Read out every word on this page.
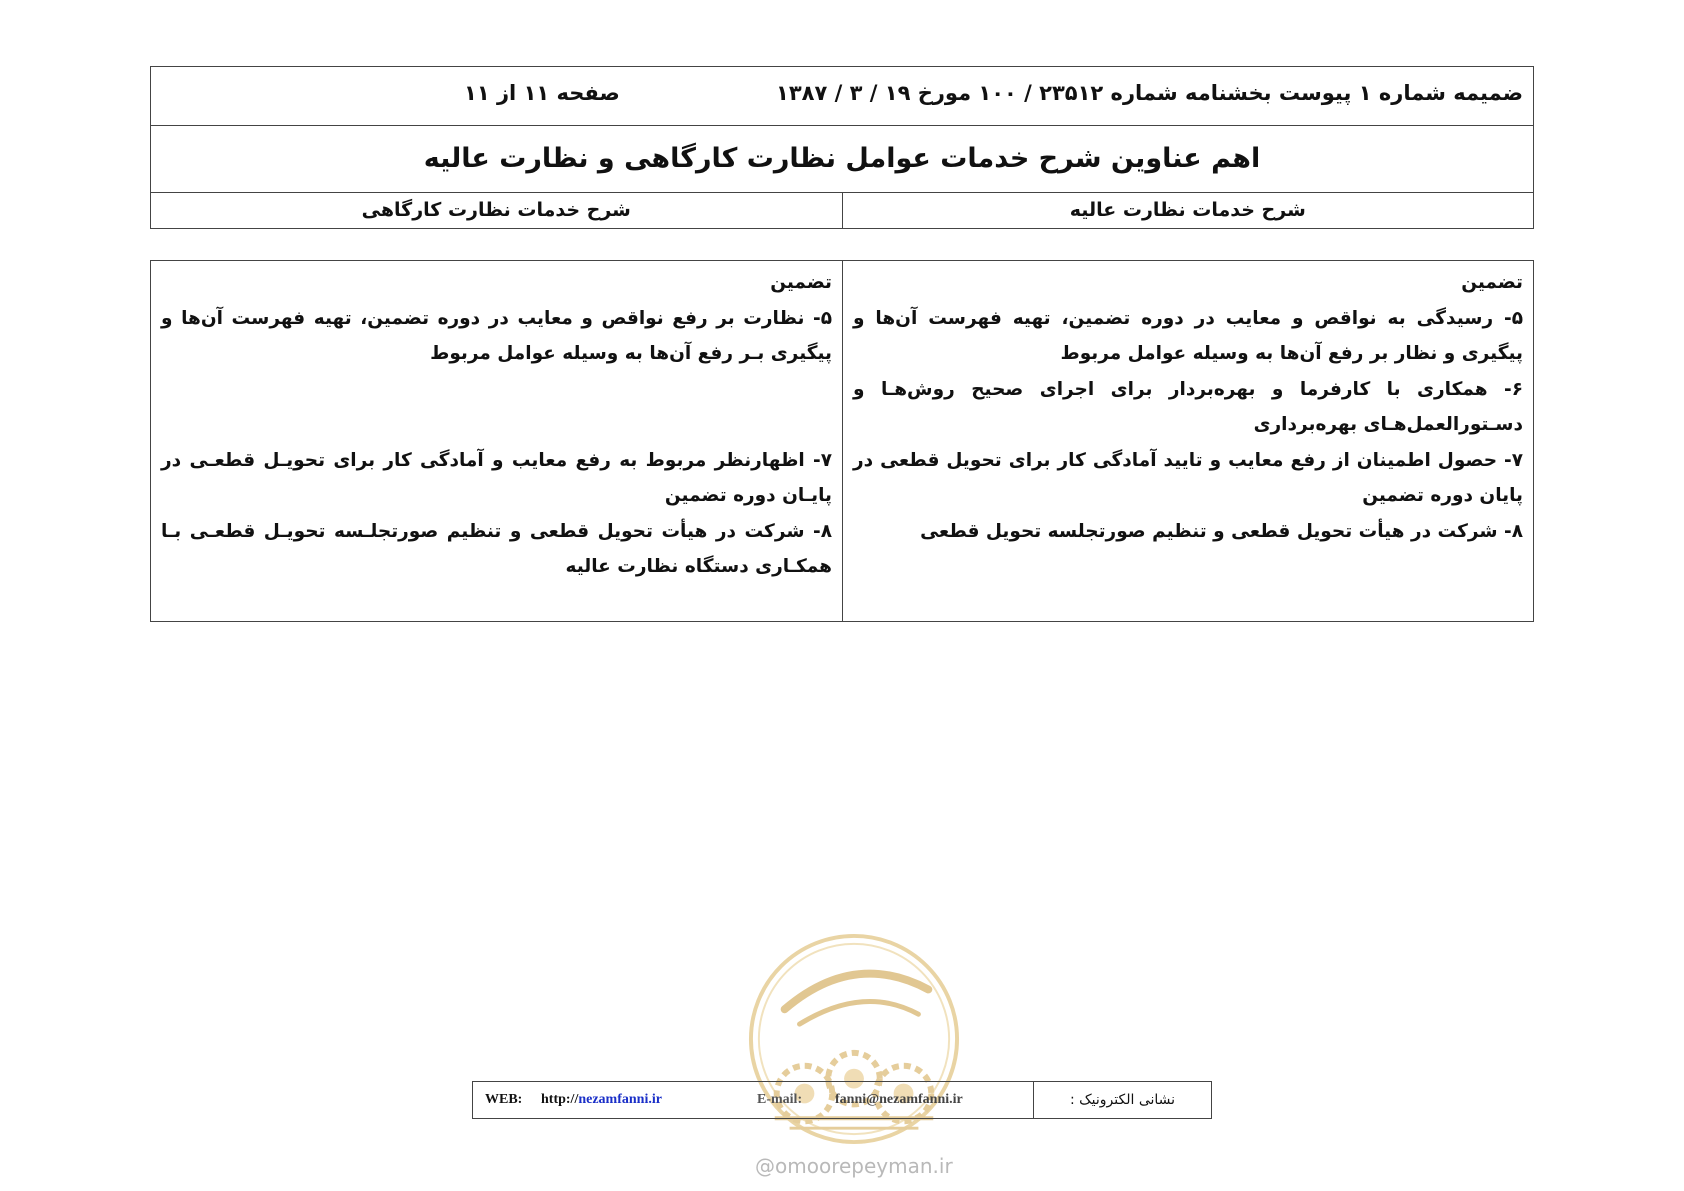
ضمیمه شماره ۱ پیوست بخشنامه شماره ۲۳۵۱۲ / ۱۰۰ مورخ ۱۹ / ۳ / ۱۳۸۷
صفحه ۱۱ از ۱۱
اهم عناوین شرح خدمات عوامل نظارت کارگاهی و نظارت عالیه
شرح خدمات نظارت عالیه
شرح خدمات نظارت کارگاهی

تضمین

۵- رسیدگی به نواقص و معایب در دوره تضمین، تهیه فهرست آن‌ها و پیگیری و نظار بر رفع آن‌ها به وسیله عوامل مربوط

۶- همکاری با کارفرما و بهره‌بردار برای اجرای صحیح روش‌هـا و دسـتورالعمل‌هـای بهره‌برداری

۷- حصول اطمینان از رفع معایب و تایید آمادگی کار برای تحویل قطعی در پایان دوره تضمین

۸- شرکت در هیأت تحویل قطعی و تنظیم صورتجلسه تحویل قطعی

تضمین

۵- نظارت بر رفع نواقص و معایب در دوره تضمین، تهیه فهرست آن‌ها و پیگیری بـر رفع آن‌ها به وسیله عوامل مربوط

۷- اظهارنظر مربوط به رفع معایب و آمادگی کار برای تحویـل قطعـی در پایـان دوره تضمین

۸- شرکت در هیأت تحویل قطعی و تنظیم صورتجلـسه تحویـل قطعـی بـا همکـاری دستگاه نظارت عالیه

WEB: http://nezamfanni.ir	E-mail: fanni@nezamfanni.ir	نشانی الکترونیک :
@omoorepeyman.ir
